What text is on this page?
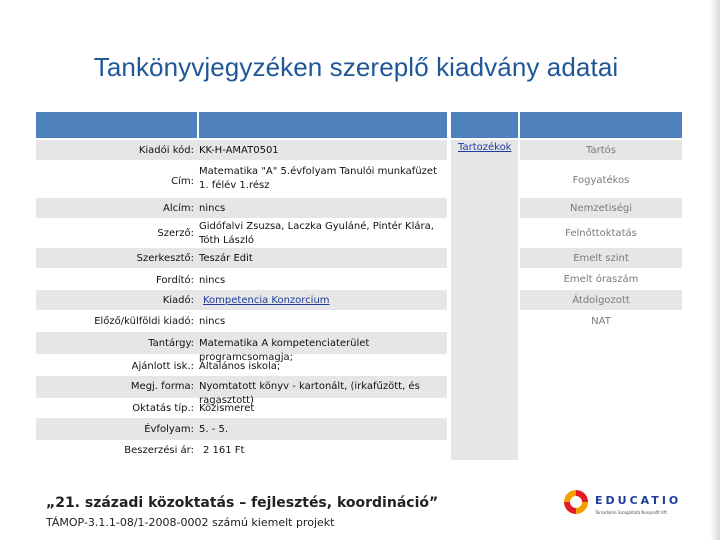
Tankönyvjegyzéken szereplő kiadvány adatai
Kiadói kód:
Cím:
Alcím:
Szerző:
Szerkesztő:
Fordító:
Kiadó:
Előző/külföldi kiadó:
Tantárgy:
Ajánlott isk.:
Megj. forma:
Oktatás típ.:
Évfolyam:
Beszerzési ár:
KK-H-AMAT0501
Matematika "A" 5.évfolyam Tanulói munkafüzet 1. félév 1.rész
nincs
Gidófalvi Zsuzsa, Laczka Gyuláné, Pintér Klára, Tóth László
Teszár Edit
nincs
Kompetencia Konzorcium
nincs
Matematika A kompetenciaterület programcsomagja;
Általános iskola;
Nyomtatott könyv - kartonált, (irkafűzött, és ragasztott)
Közismeret
5. - 5.
2 161 Ft
Tartozékok	Tartós
Fogyatékos
Nemzetiségi
Felnőttoktatás
Emelt szint
Emelt óraszám
Átdolgozott
NAT
„21. századi közoktatás – fejlesztés, koordináció”
TÁMOP-3.1.1-08/1-2008-0002 számú kiemelt projekt
EDUCATIO
Társadalmi Szolgáltató Nonprofit Kft.
